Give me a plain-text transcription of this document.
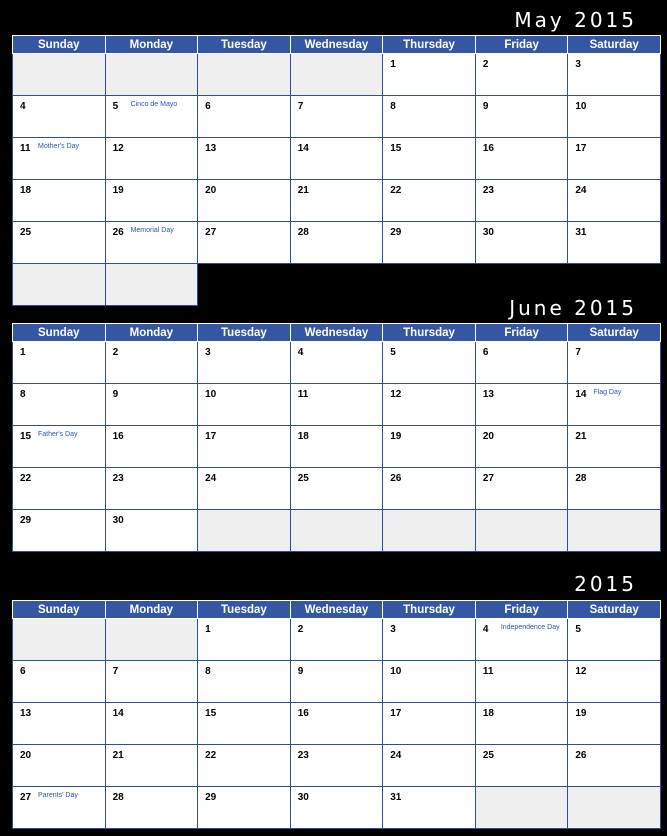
May 2015
Sunday	Monday	Tuesday	Wednesday	Thursday	Friday	Saturday

				1	2	3

4	5 Cinco de Mayo	6	7	8	9	10

11 Mother's Day	12	13	14	15	16	17

18	19	20	21	22	23	24

25	26 Memorial Day	27	28	29	30	31

June 2015
Sunday	Monday	Tuesday	Wednesday	Thursday	Friday	Saturday

1	2	3	4	5	6	7

8	9	10	11	12	13	14 Flag Day

15 Father's Day	16	17	18	19	20	21

22	23	24	25	26	27	28

29	30					

2015
Sunday	Monday	Tuesday	Wednesday	Thursday	Friday	Saturday

		1	2	3	4 Independence Day	5

6	7	8	9	10	11	12

13	14	15	16	17	18	19

20	21	22	23	24	25	26

27 Parents' Day	28	29	30	31		
